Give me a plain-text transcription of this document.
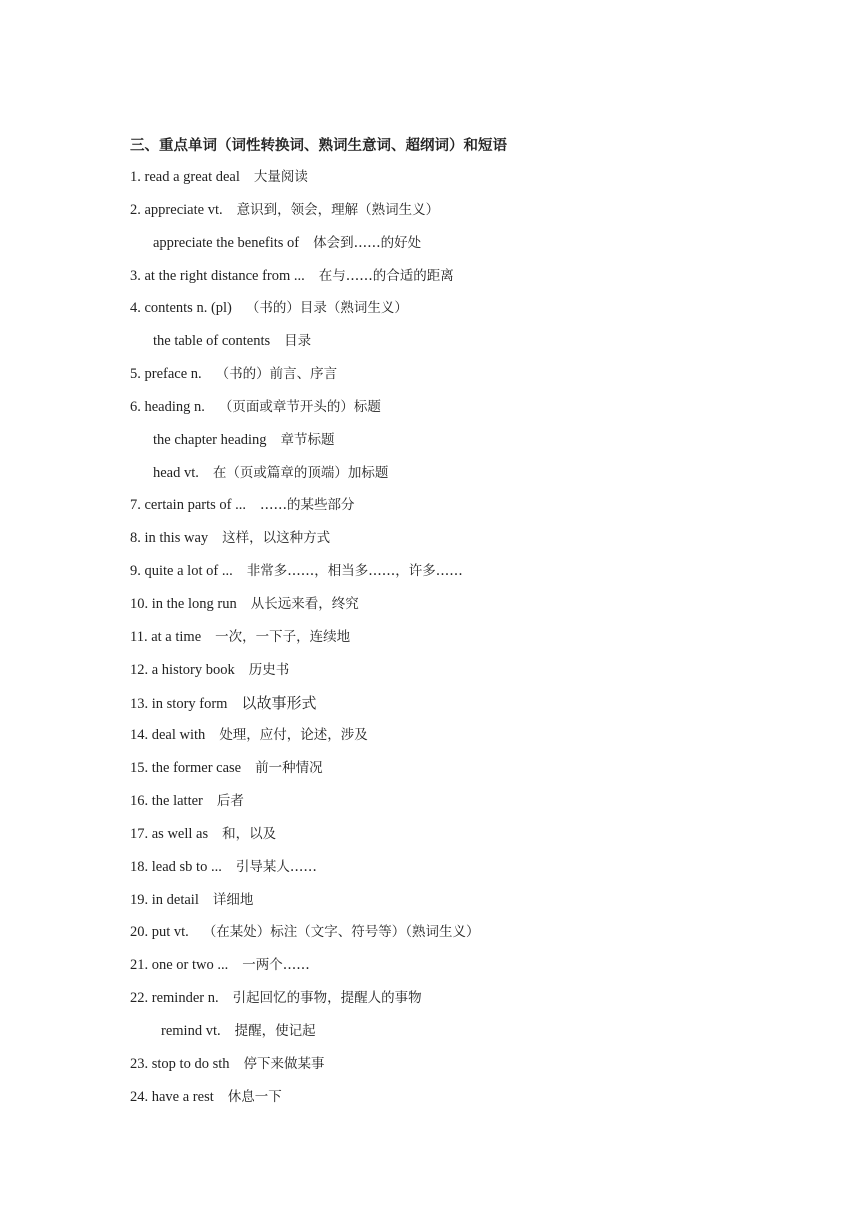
三、重点单词（词性转换词、熟词生意词、超纲词）和短语
1. read a great deal 大量阅读
2. appreciate vt. 意识到，领会，理解（熟词生义）
appreciate the benefits of 体会到……的好处
3. at the right distance from ... 在与……的合适的距离
4. contents n. (pl) （书的）目录（熟词生义）
the table of contents 目录
5. preface n. （书的）前言、序言
6. heading n. （页面或章节开头的）标题
the chapter heading 章节标题
head vt. 在（页或篇章的顶端）加标题
7. certain parts of ... ……的某些部分
8. in this way 这样，以这种方式
9. quite a lot of ... 非常多……，相当多……，许多……
10. in the long run 从长远来看，终究
11. at a time 一次，一下子，连续地
12. a history book 历史书
13. in story form 以故事形式
14. deal with 处理，应付，论述，涉及
15. the former case 前一种情况
16. the latter 后者
17. as well as 和，以及
18. lead sb to ... 引导某人……
19. in detail 详细地
20. put vt. （在某处）标注（文字、符号等）（熟词生义）
21. one or two ... 一两个……
22. reminder n. 引起回忆的事物，提醒人的事物
remind vt. 提醒，使记起
23. stop to do sth 停下来做某事
24. have a rest 休息一下
